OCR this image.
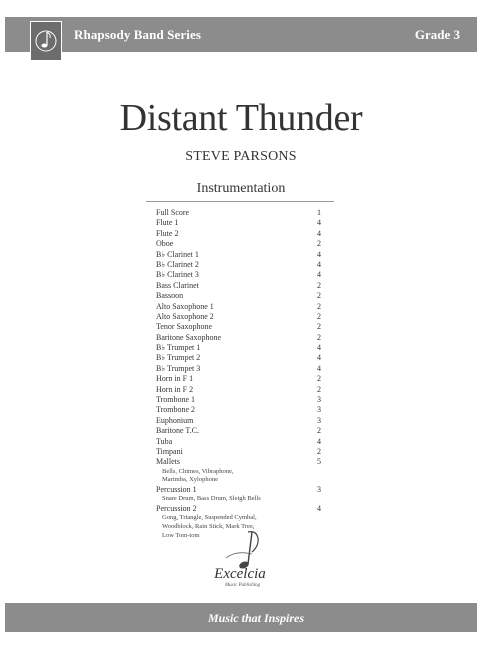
Rhapsody Band Series	Grade 3
Distant Thunder
STEVE PARSONS
Instrumentation
Full Score	1
Flute 1	4
Flute 2	4
Oboe	2
B♭ Clarinet 1	4
B♭ Clarinet 2	4
B♭ Clarinet 3	4
Bass Clarinet	2
Bassoon	2
Alto Saxophone 1	2
Alto Saxophone 2	2
Tenor Saxophone	2
Baritone Saxophone	2
B♭ Trumpet 1	4
B♭ Trumpet 2	4
B♭ Trumpet 3	4
Horn in F 1	2
Horn in F 2	2
Trombone 1	3
Trombone 2	3
Euphonium	3
Baritone T.C.	2
Tuba	4
Timpani	2
Mallets	5
Bells, Chimes, Vibraphone,
Marimba, Xylophone
Percussion 1	3
Snare Drum, Bass Drum, Sleigh Bells
Percussion 2	4
Gong, Triangle, Suspended Cymbal,
Woodblock, Rain Stick, Mark Tree,
Low Tom-tom
Excelcia
Music Publishing
Music that Inspires
